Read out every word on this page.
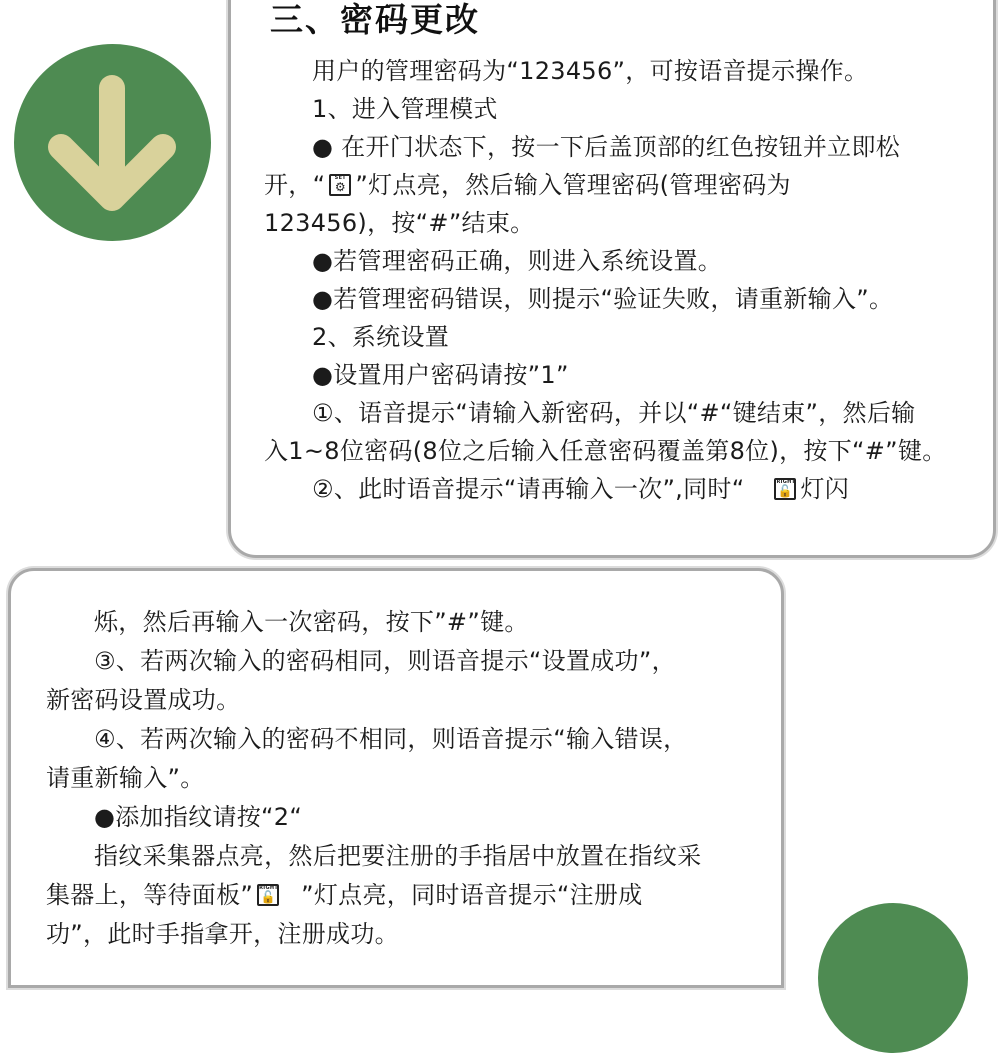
三、密码更改
用户的管理密码为“123456”，可按语音提示操作。
1、进入管理模式
● 在开门状态下，按一下后盖顶部的红色按钮并立即松
开，“	SET
⚙ ”灯点亮，然后输入管理密码(管理密码为
123456)，按“#”结束。
●若管理密码正确，则进入系统设置。
●若管理密码错误，则提示“验证失败，请重新输入”。
2、系统设置
●设置用户密码请按”1”
①、语音提示“请输入新密码，并以“#“键结束”，然后输
入1~8位密码(8位之后输入任意密码覆盖第8位)，按下“#”键。
②、此时语音提示“请再输入一次”,同时“	RIGHT
🔓 灯闪
烁，然后再输入一次密码，按下”#”键。
③、若两次输入的密码相同，则语音提示“设置成功”，
新密码设置成功。
④、若两次输入的密码不相同，则语音提示“输入错误，
请重新输入”。
●添加指纹请按“2“
指纹采集器点亮，然后把要注册的手指居中放置在指纹采
集器上，等待面板” RIGHT
🔓 ”灯点亮，同时语音提示“注册成
功”，此时手指拿开，注册成功。
